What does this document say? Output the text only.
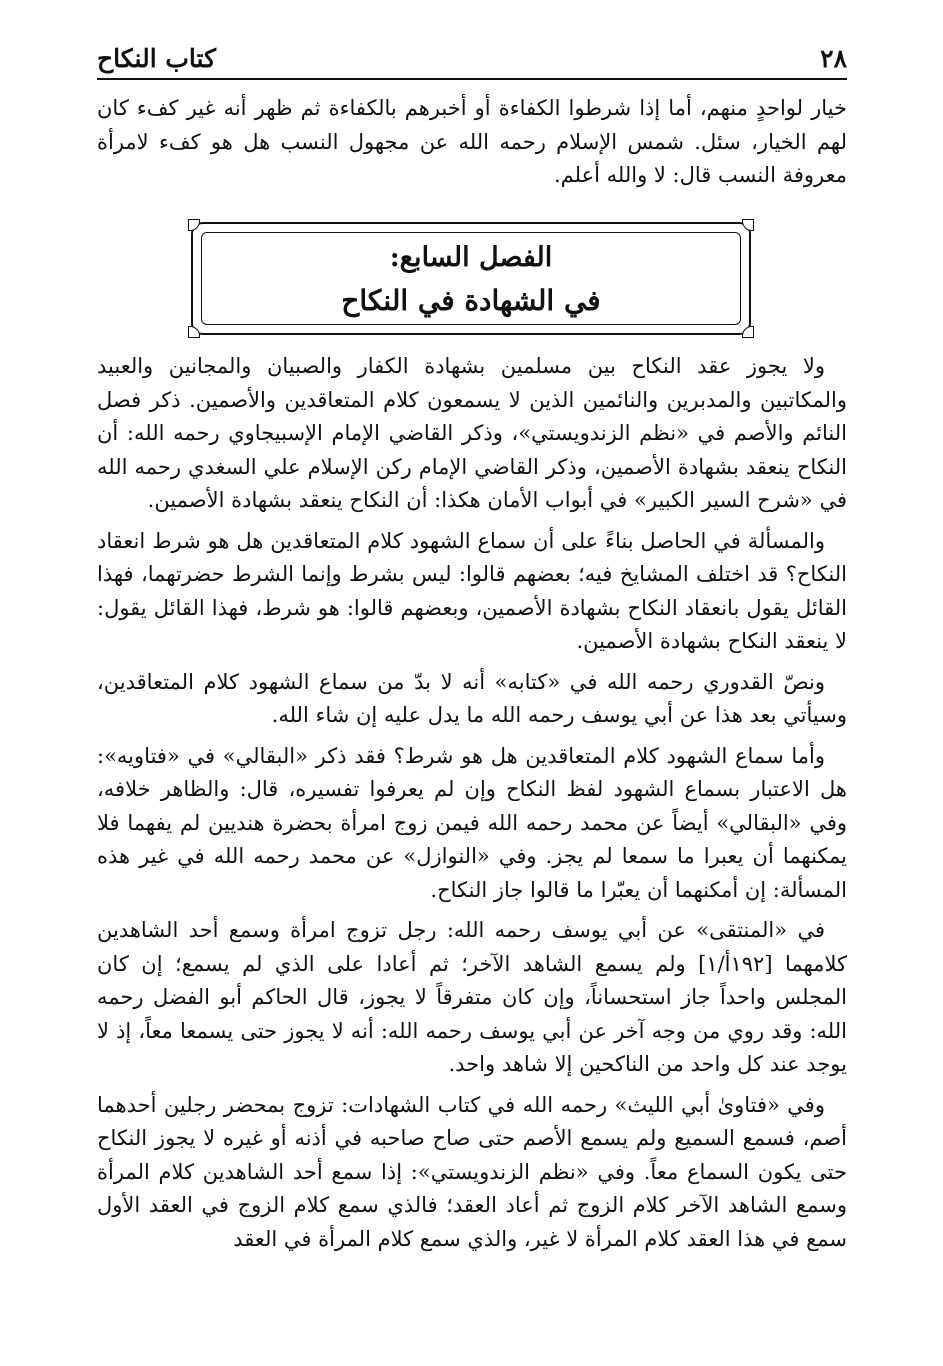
٢٨
كتاب النكاح

خيار لواحدٍ منهم، أما إذا شرطوا الكفاءة أو أخبرهم بالكفاءة ثم ظهر أنه غير كفء كان لهم الخيار، سئل. شمس الإسلام رحمه الله عن مجهول النسب هل هو كفء لامرأة معروفة النسب قال: لا والله أعلم.

الفصل السابع:
في الشهادة في النكاح

ولا يجوز عقد النكاح بين مسلمين بشهادة الكفار والصبيان والمجانين والعبيد والمكاتبين والمدبرين والنائمين الذين لا يسمعون كلام المتعاقدين والأصمين. ذكر فصل النائم والأصم في «نظم الزندويستي»، وذكر القاضي الإمام الإسبيجاوي رحمه الله: أن النكاح ينعقد بشهادة الأصمين، وذكر القاضي الإمام ركن الإسلام علي السغدي رحمه الله في «شرح السير الكبير» في أبواب الأمان هكذا: أن النكاح ينعقد بشهادة الأصمين.

والمسألة في الحاصل بناءً على أن سماع الشهود كلام المتعاقدين هل هو شرط انعقاد النكاح؟ قد اختلف المشايخ فيه؛ بعضهم قالوا: ليس بشرط وإنما الشرط حضرتهما، فهذا القائل يقول بانعقاد النكاح بشهادة الأصمين، وبعضهم قالوا: هو شرط، فهذا القائل يقول: لا ينعقد النكاح بشهادة الأصمين.

ونصّ القدوري رحمه الله في «كتابه» أنه لا بدّ من سماع الشهود كلام المتعاقدين، وسيأتي بعد هذا عن أبي يوسف رحمه الله ما يدل عليه إن شاء الله.

وأما سماع الشهود كلام المتعاقدين هل هو شرط؟ فقد ذكر «البقالي» في «فتاويه»: هل الاعتبار بسماع الشهود لفظ النكاح وإن لم يعرفوا تفسيره، قال: والظاهر خلافه، وفي «البقالي» أيضاً عن محمد رحمه الله فيمن زوج امرأة بحضرة هنديين لم يفهما فلا يمكنهما أن يعبرا ما سمعا لم يجز. وفي «النوازل» عن محمد رحمه الله في غير هذه المسألة: إن أمكنهما أن يعبّرا ما قالوا جاز النكاح.

في «المنتقى» عن أبي يوسف رحمه الله: رجل تزوج امرأة وسمع أحد الشاهدين كلامهما [١٩٢أ/١] ولم يسمع الشاهد الآخر؛ ثم أعادا على الذي لم يسمع؛ إن كان المجلس واحداً جاز استحساناً، وإن كان متفرقاً لا يجوز، قال الحاكم أبو الفضل رحمه الله: وقد روي من وجه آخر عن أبي يوسف رحمه الله: أنه لا يجوز حتى يسمعا معاً، إذ لا يوجد عند كل واحد من الناكحين إلا شاهد واحد.

وفي «فتاوىٰ أبي الليث» رحمه الله في كتاب الشهادات: تزوج بمحضر رجلين أحدهما أصم، فسمع السميع ولم يسمع الأصم حتى صاح صاحبه في أذنه أو غيره لا يجوز النكاح حتى يكون السماع معاً. وفي «نظم الزندويستي»: إذا سمع أحد الشاهدين كلام المرأة وسمع الشاهد الآخر كلام الزوج ثم أعاد العقد؛ فالذي سمع كلام الزوج في العقد الأول سمع في هذا العقد كلام المرأة لا غير، والذي سمع كلام المرأة في العقد
